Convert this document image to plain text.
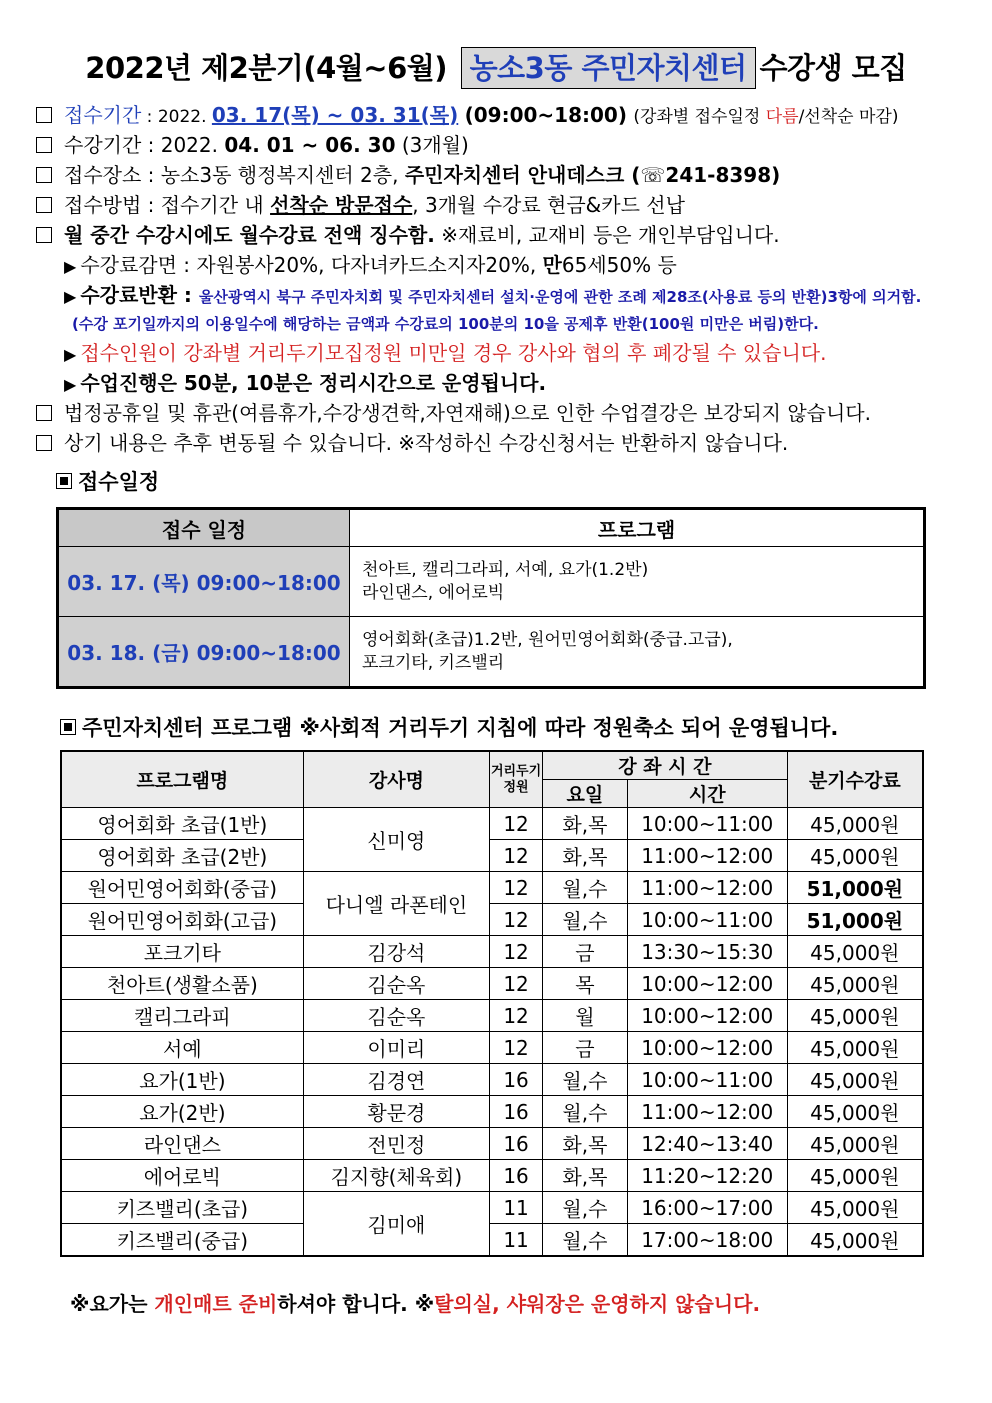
2022년 제2분기(4월~6월) 농소3동 주민자치센터 수강생 모집
접수기간 : 2022. 03. 17(목) ~ 03. 31(목) (09:00~18:00) (강좌별 접수일정 다름/선착순 마감)
수강기간 : 2022. 04. 01 ~ 06. 30 (3개월)
접수장소 : 농소3동 행정복지센터 2층, 주민자치센터 안내데스크 (☏241-8398)
접수방법 : 접수기간 내 선착순 방문접수, 3개월 수강료 현금&카드 선납
월 중간 수강시에도 월수강료 전액 징수함. ※재료비, 교재비 등은 개인부담입니다.
▶ 수강료감면 : 자원봉사20%, 다자녀카드소지자20%, 만65세50% 등
▶ 수강료반환 : 울산광역시 북구 주민자치회 및 주민자치센터 설치·운영에 관한 조례 제28조(사용료 등의 반환)3항에 의거함.
(수강 포기일까지의 이용일수에 해당하는 금액과 수강료의 100분의 10을 공제후 반환(100원 미만은 버림)한다.
▶ 접수인원이 강좌별 거리두기모집정원 미만일 경우 강사와 협의 후 폐강될 수 있습니다.
▶ 수업진행은 50분, 10분은 정리시간으로 운영됩니다.
법정공휴일 및 휴관(여름휴가,수강생견학,자연재해)으로 인한 수업결강은 보강되지 않습니다.
상기 내용은 추후 변동될 수 있습니다. ※작성하신 수강신청서는 반환하지 않습니다.
접수일정
접수 일정	프로그램
03. 17. (목) 09:00~18:00	천아트, 캘리그라피, 서예, 요가(1.2반)
라인댄스, 에어로빅

03. 18. (금) 09:00~18:00	영어회화(초급)1.2반, 원어민영어회화(중급.고급),
포크기타, 키즈밸리
주민자치센터 프로그램 ※사회적 거리두기 지침에 따라 정원축소 되어 운영됩니다.
프로그램명	강사명	거리두기 정원	강 좌 시 간		분기수강료
			요일	시간	
영어회화 초급(1반)	신미영	12	화,목	10:00~11:00	45,000원
영어회화 초급(2반)		12	화,목	11:00~12:00	45,000원
원어민영어회화(중급)	다니엘 라폰테인	12	월,수	11:00~12:00	51,000원
원어민영어회화(고급)		12	월,수	10:00~11:00	51,000원
포크기타	김강석	12	금	13:30~15:30	45,000원
천아트(생활소품)	김순옥	12	목	10:00~12:00	45,000원
캘리그라피	김순옥	12	월	10:00~12:00	45,000원
서예	이미리	12	금	10:00~12:00	45,000원
요가(1반)	김경연	16	월,수	10:00~11:00	45,000원
요가(2반)	황문경	16	월,수	11:00~12:00	45,000원
라인댄스	전민정	16	화,목	12:40~13:40	45,000원
에어로빅	김지향(체육회)	16	화,목	11:20~12:20	45,000원
키즈밸리(초급)	김미애	11	월,수	16:00~17:00	45,000원
키즈밸리(중급)		11	월,수	17:00~18:00	45,000원
※요가는 개인매트 준비하셔야 합니다. ※탈의실, 샤워장은 운영하지 않습니다.
